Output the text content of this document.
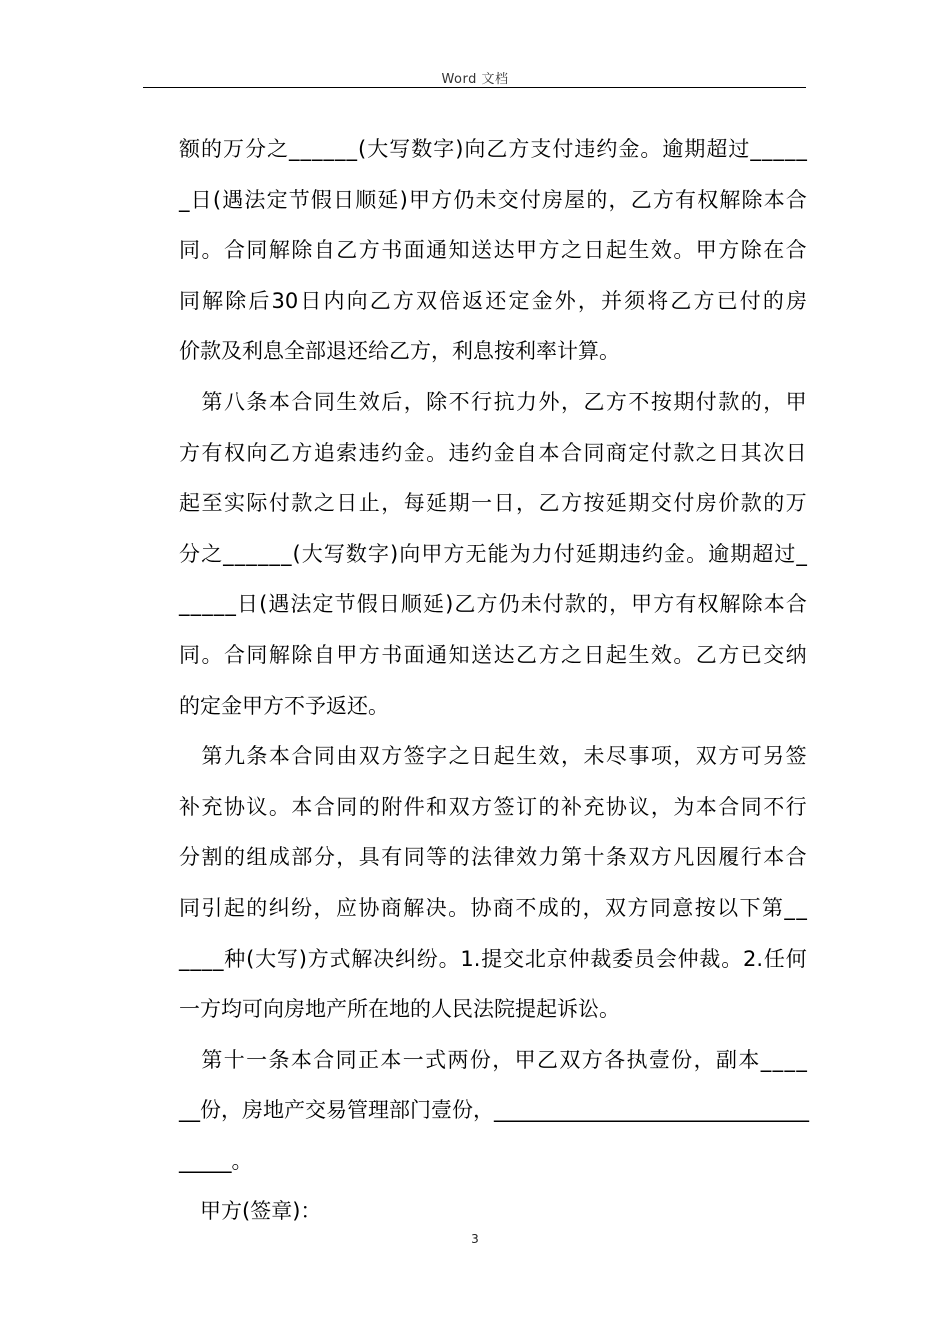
Word 文档
额 的 万 分 之 _ _ _ _ _ _ ( 大 写 数 字 ) 向 乙 方 支 付 违 约 金 。 逾 期 超 过 _ _ _ _ _
_ 日 ( 遇 法 定 节 假 日 顺 延 ) 甲 方 仍 未 交 付 房 屋 的 ， 乙 方 有 权 解 除 本 合
同 。 合 同 解 除 自 乙 方 书 面 通 知 送 达 甲 方 之 日 起 生 效 。 甲 方 除 在 合
同 解 除 后 30 日 内 向 乙 方 双 倍 返 还 定 金 外 ， 并 须 将 乙 方 已 付 的 房
价款及利息全部退还给乙方，利息按利率计算。

第 八 条 本 合 同 生 效 后 ， 除 不 行 抗 力 外 ， 乙 方 不 按 期 付 款 的 ， 甲
方 有 权 向 乙 方 追 索 违 约 金 。 违 约 金 自 本 合 同 商 定 付 款 之 日 其 次 日
起 至 实 际 付 款 之 日 止 ， 每 延 期 一 日 ， 乙 方 按 延 期 交 付 房 价 款 的 万
分 之 _ _ _ _ _ _ ( 大 写 数 字 ) 向 甲 方 无 能 为 力 付 延 期 违 约 金 。 逾 期 超 过 _
_ _ _ _ _ 日 ( 遇 法 定 节 假 日 顺 延 ) 乙 方 仍 未 付 款 的 ， 甲 方 有 权 解 除 本 合
同 。 合 同 解 除 自 甲 方 书 面 通 知 送 达 乙 方 之 日 起 生 效 。 乙 方 已 交 纳
的定金甲方不予返还。

第 九 条 本 合 同 由 双 方 签 字 之 日 起 生 效 ， 未 尽 事 项 ， 双 方 可 另 签
补 充 协 议 。 本 合 同 的 附 件 和 双 方 签 订 的 补 充 协 议 ， 为 本 合 同 不 行
分 割 的 组 成 部 分 ， 具 有 同 等 的 法 律 效 力 第 十 条 双 方 凡 因 履 行 本 合
同 引 起 的 纠 纷 ， 应 协 商 解 决 。 协 商 不 成 的 ， 双 方 同 意 按 以 下 第 _ _
_ _ _ _ 种 ( 大 写 ) 方 式 解 决 纠 纷 。 1. 提 交 北 京 仲 裁 委 员 会 仲 裁 。 2. 任 何
一方均可向房地产所在地的人民法院提起诉讼。

第 十 一 条 本 合 同 正 本 一 式 两 份 ， 甲 乙 双 方 各 执 壹 份 ， 副 本 _ _ _ _
_ _ 份 ， 房 地 产 交 易 管 理 部 门 壹 份 ， _ _ _ _ _ _ _ _ _ _ _ _ _ _ _ _ _ _ _ _ _ _ _ _ _ _ _ _ _ _
_____。
　甲方(签章)：
3
